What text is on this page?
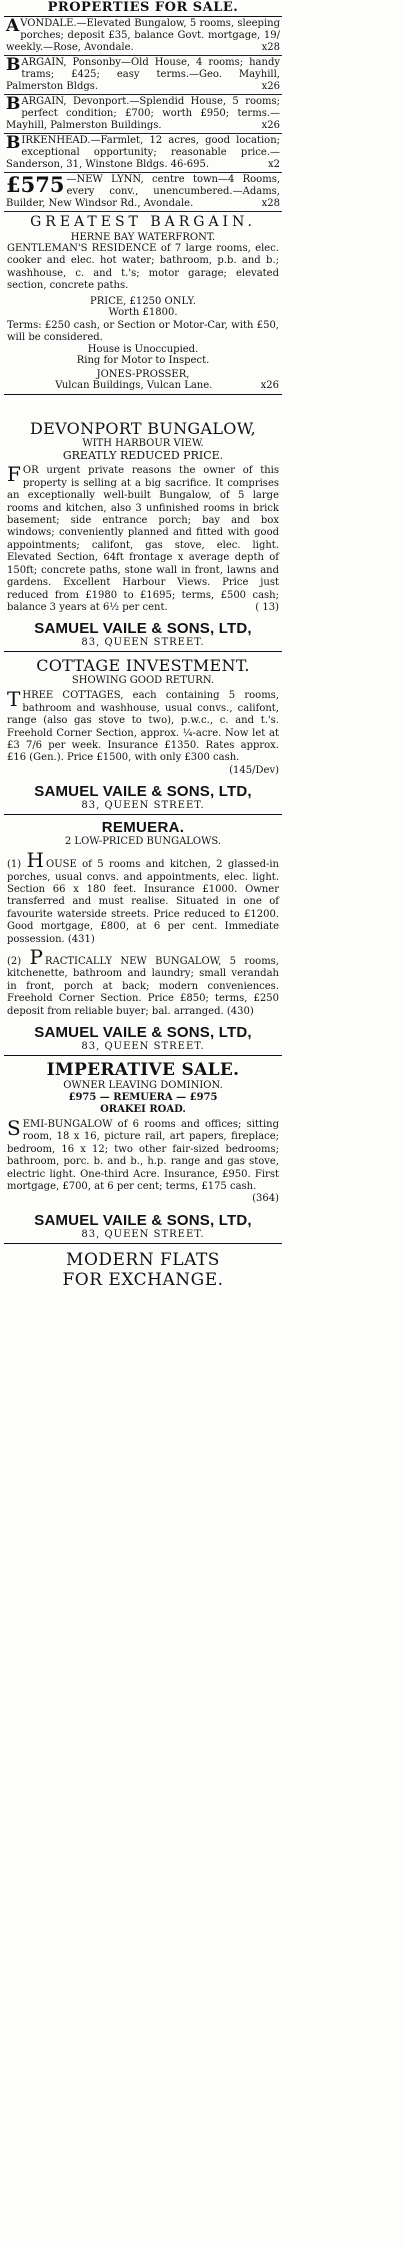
PROPERTIES FOR SALE.
AVONDALE.—Elevated Bungalow, 5 rooms, sleeping porches; deposit £35, balance Govt. mortgage, 19/ weekly.—Rose, Avondale.	x28
BARGAIN, Ponsonby—Old House, 4 rooms; handy trams; £425; easy terms.—Geo. Mayhill, Palmerston Bldgs.	x26
BARGAIN, Devonport.—Splendid House, 5 rooms; perfect condition; £700; worth £950; terms.—Mayhill, Palmerston Buildings.	x26
BIRKENHEAD.—Farmlet, 12 acres, good location; exceptional opportunity; reasonable price.—Sanderson, 31, Winstone Bldgs. 46-695.	x2
£575 —NEW LYNN, centre town—4 Rooms, every conv., unencumbered.—Adams, Builder, New Windsor Rd., Avondale.	x28
GREATEST BARGAIN.
HERNE BAY WATERFRONT.
GENTLEMAN'S RESIDENCE of 7 large rooms, elec. cooker and elec. hot water; bathroom, p.b. and b.; washhouse, c. and t.'s; motor garage; elevated section, concrete paths.
PRICE, £1250 ONLY.
Worth £1800.
Terms: £250 cash, or Section or Motor-Car, with £50, will be considered.
House is Unoccupied.
Ring for Motor to Inspect.
JONES-PROSSER,
Vulcan Buildings, Vulcan Lane.	x26
DEVONPORT BUNGALOW,
WITH HARBOUR VIEW.
GREATLY REDUCED PRICE.
FOR urgent private reasons the owner of this property is selling at a big sacrifice. It comprises an exceptionally well-built Bungalow, of 5 large rooms and kitchen, also 3 unfinished rooms in brick basement; side entrance porch; bay and box windows; conveniently planned and fitted with good appointments; califont, gas stove, elec. light. Elevated Section, 64ft frontage x average depth of 150ft; concrete paths, stone wall in front, lawns and gardens. Excellent Harbour Views. Price just reduced from £1980 to £1695; terms, £500 cash; balance 3 years at 6½ per cent.	( 13)
SAMUEL VAILE & SONS, LTD,
83, QUEEN STREET.
COTTAGE INVESTMENT.
SHOWING GOOD RETURN.
THREE COTTAGES, each containing 5 rooms, bathroom and washhouse, usual convs., califont, range (also gas stove to two), p.w.c., c. and t.'s. Freehold Corner Section, approx. ¼-acre. Now let at £3 7/6 per week. Insurance £1350. Rates approx. £16 (Gen.). Price £1500, with only £300 cash.
(145/Dev)
SAMUEL VAILE & SONS, LTD,
83, QUEEN STREET.
REMUERA.
2 LOW-PRICED BUNGALOWS.
(1) H OUSE of 5 rooms and kitchen, 2 glassed-in porches, usual convs. and appointments, elec. light. Section 66 x 180 feet. Insurance £1000. Owner transferred and must realise. Situated in one of favourite waterside streets. Price reduced to £1200. Good mortgage, £800, at 6 per cent. Immediate possession. (431)
(2) P RACTICALLY NEW BUNGALOW, 5 rooms, kitchenette, bathroom and laundry; small verandah in front, porch at back; modern conveniences. Freehold Corner Section. Price £850; terms, £250 deposit from reliable buyer; bal. arranged. (430)
SAMUEL VAILE & SONS, LTD,
83, QUEEN STREET.
IMPERATIVE SALE.
OWNER LEAVING DOMINION.
£975 — REMUERA — £975
ORAKEI ROAD.
SEMI-BUNGALOW of 6 rooms and offices; sitting room, 18 x 16, picture rail, art papers, fireplace; bedroom, 16 x 12; two other fair-sized bedrooms; bathroom, porc. b. and b., h.p. range and gas stove, electric light. One-third Acre. Insurance, £950. First mortgage, £700, at 6 per cent; terms, £175 cash.
(364)
SAMUEL VAILE & SONS, LTD,
83, QUEEN STREET.
MODERN FLATS
FOR EXCHANGE.
